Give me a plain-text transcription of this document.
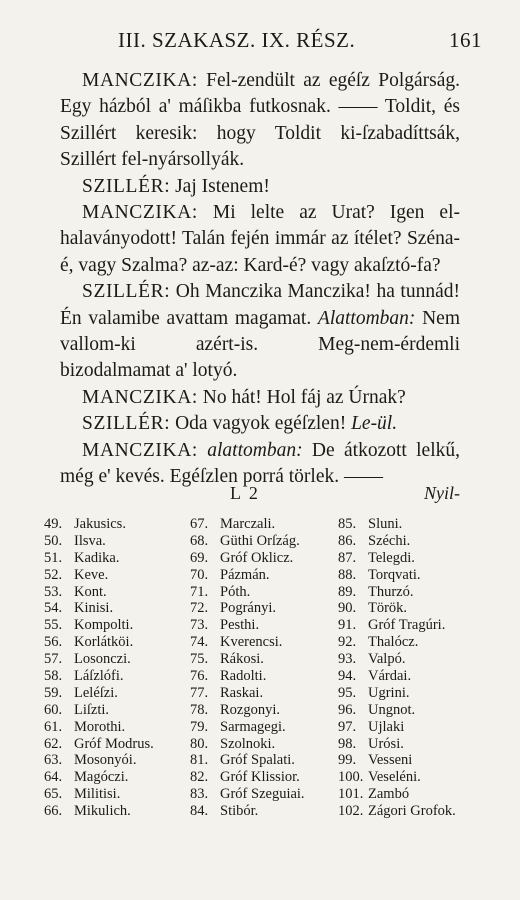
III. SZAKASZ. IX. RÉSZ.	161

MANCZIKA: Fel-zendült az egéſz Polgárság. Egy házból a' máſikba futkosnak. —— Toldit, és Szillért keresik: hogy Toldit ki-ſzabadíttsák, Szillért fel-nyársollyák.

SZILLÉR: Jaj Istenem!

MANCZIKA: Mi lelte az Urat? Igen el-halaványodott! Talán fején immár az ítélet? Széna-é, vagy Szalma? az-az: Kard-é? vagy akaſztó-fa?

SZILLÉR: Oh Manczika Manczika! ha tunnád! Én valamibe avattam magamat. Alattomban: Nem vallom-ki azért-is. Meg-nem-érdemli bizodalmamat a' lotyó.

MANCZIKA: No hát! Hol fáj az Úrnak?

SZILLÉR: Oda vagyok egéſzlen! Le-ül.

MANCZIKA: alattomban: De átkozott lelkű, még e' kevés. Egéſzlen porrá törlek. ——

L 2	Nyil-
49. Jakusics.
50. Ilsva.
51. Kadika.
52. Keve.
53. Kont.
54. Kinisi.
55. Kompolti.
56. Korlátköi.
57. Losonczi.
58. Láſzlófi.
59. Leléſzi.
60. Liſzti.
61. Morothi.
62. Gróf Modrus.
63. Mosonyói.
64. Magóczi.
65. Militisi.
66. Mikulich.
67. Marczali.
68. Güthi Orſzág.
69. Gróf Oklicz.
70. Pázmán.
71. Póth.
72. Pogrányi.
73. Pesthi.
74. Kverencsi.
75. Rákosi.
76. Radolti.
77. Raskai.
78. Rozgonyi.
79. Sarmagegi.
80. Szolnoki.
81. Gróf Spalati.
82. Gróf Klissior.
83. Gróf Szeguiai.
84. Stibór.
85. Sluni.
86. Széchi.
87. Telegdi.
88. Torqvati.
89. Thurzó.
90. Török.
91. Gróf Tragúri.
92. Thalócz.
93. Valpó.
94. Várdai.
95. Ugrini.
96. Ungnot.
97. Ujlaki
98. Urósi.
99. Vesseni
100. Veseléni.
101. Zambó
102. Zágori Grofok.
